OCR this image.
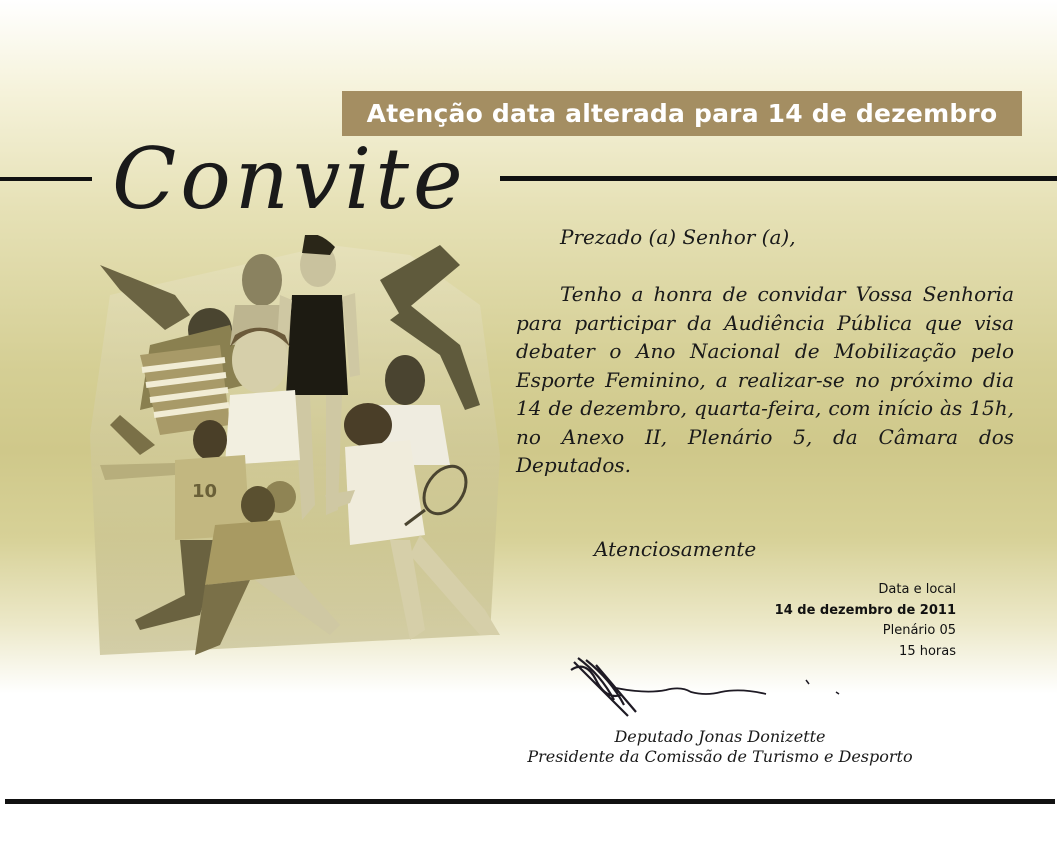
Atenção data alterada para 14 de dezembro
Convite
10
Prezado (a) Senhor (a),
Tenho a honra de convidar Vossa Senhoria para participar da Audiência Pública que visa debater o Ano Nacional de Mobilização pelo Esporte Feminino, a realizar-se no próximo dia 14 de dezembro, quarta-feira, com início às 15h, no Anexo II, Plenário 5, da Câmara dos Deputados.
Atenciosamente
Data e local
14 de dezembro de 2011
Plenário 05
15 horas
Deputado Jonas Donizette
Presidente da Comissão de Turismo e Desporto
